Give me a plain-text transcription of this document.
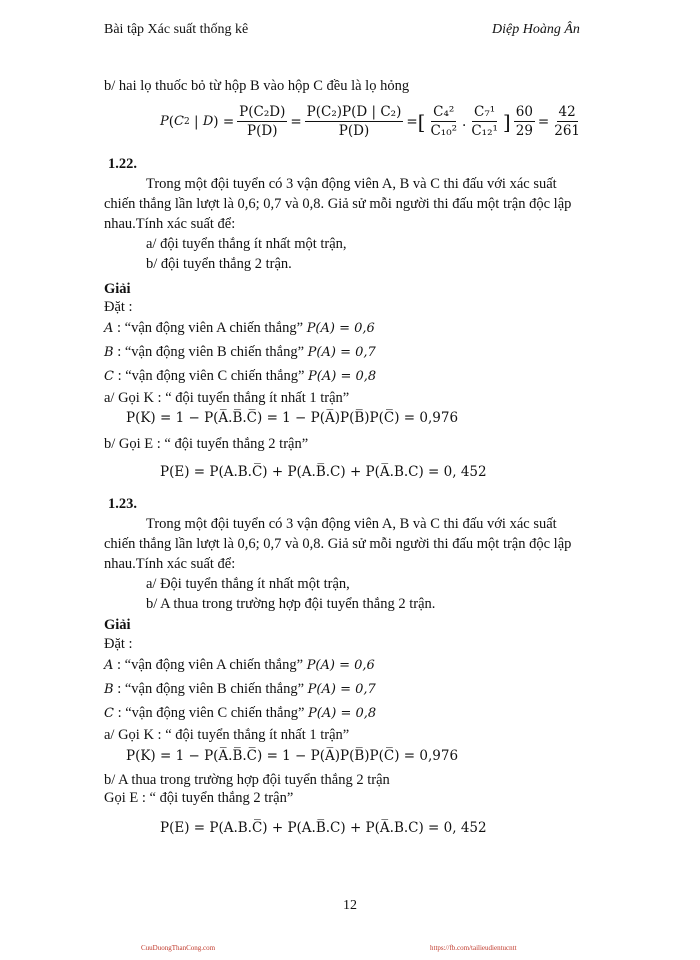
Bài tập Xác suất thống kê	Diệp Hoàng Ân
b/ hai lọ thuốc bỏ từ hộp B vào hộp C đều là lọ hỏng
P ( C 2 | D ) = $\frac{\text{P(C₂D)}}{P(D)} = \frac{\text{P(C₂)P(D | C₂)}}{P(D)}$ = [ $\frac{\text{C₄²}}{\text{C₁₀²}}$ . $\frac{\text{C₇¹}}{\text{C₁₂¹}}$ ] $\frac{60}{29} = \frac{42}{261}$
1.22.
Trong một đội tuyển có 3 vận động viên A, B và C thi đấu với xác suất
chiến thắng lần lượt là 0,6; 0,7 và 0,8. Giả sử mỗi người thi đấu một trận độc lập
nhau.Tính xác suất để:
a/ đội tuyển thắng ít nhất một trận,
b/ đội tuyển thắng 2 trận.
Giải
Đặt :
A : “vận động viên A chiến thắng” P(A) = 0,6
B : “vận động viên B chiến thắng” P(A) = 0,7
C : “vận động viên C chiến thắng” P(A) = 0,8
a/ Gọi K : “ đội tuyển thắng ít nhất 1 trận”
P(K) = 1 − P(A̅.B̅.C̅) = 1 − P(A̅)P(B̅)P(C̅) = 0,976
b/ Gọi E : “ đội tuyển thắng 2 trận”
P(E) = P(A.B.C̅) + P(A.B̅.C) + P(A̅.B.C) = 0, 452
1.23.
Trong một đội tuyển có 3 vận động viên A, B và C thi đấu với xác suất
chiến thắng lần lượt là 0,6; 0,7 và 0,8. Giả sử mỗi người thi đấu một trận độc lập
nhau.Tính xác suất để:
a/ Đội tuyển thắng ít nhất một trận,
b/ A thua trong trường hợp đội tuyển thắng 2 trận.
Giải
Đặt :
A : “vận động viên A chiến thắng” P(A) = 0,6
B : “vận động viên B chiến thắng” P(A) = 0,7
C : “vận động viên C chiến thắng” P(A) = 0,8
a/ Gọi K : “ đội tuyển thắng ít nhất 1 trận”
P(K) = 1 − P(A̅.B̅.C̅) = 1 − P(A̅)P(B̅)P(C̅) = 0,976
b/ A thua trong trường hợp đội tuyển thắng 2 trận
Gọi E : “ đội tuyển thắng 2 trận”
P(E) = P(A.B.C̅) + P(A.B̅.C) + P(A̅.B.C) = 0, 452
12
CuuDuongThanCong.com	https://fb.com/tailieudientucntt
